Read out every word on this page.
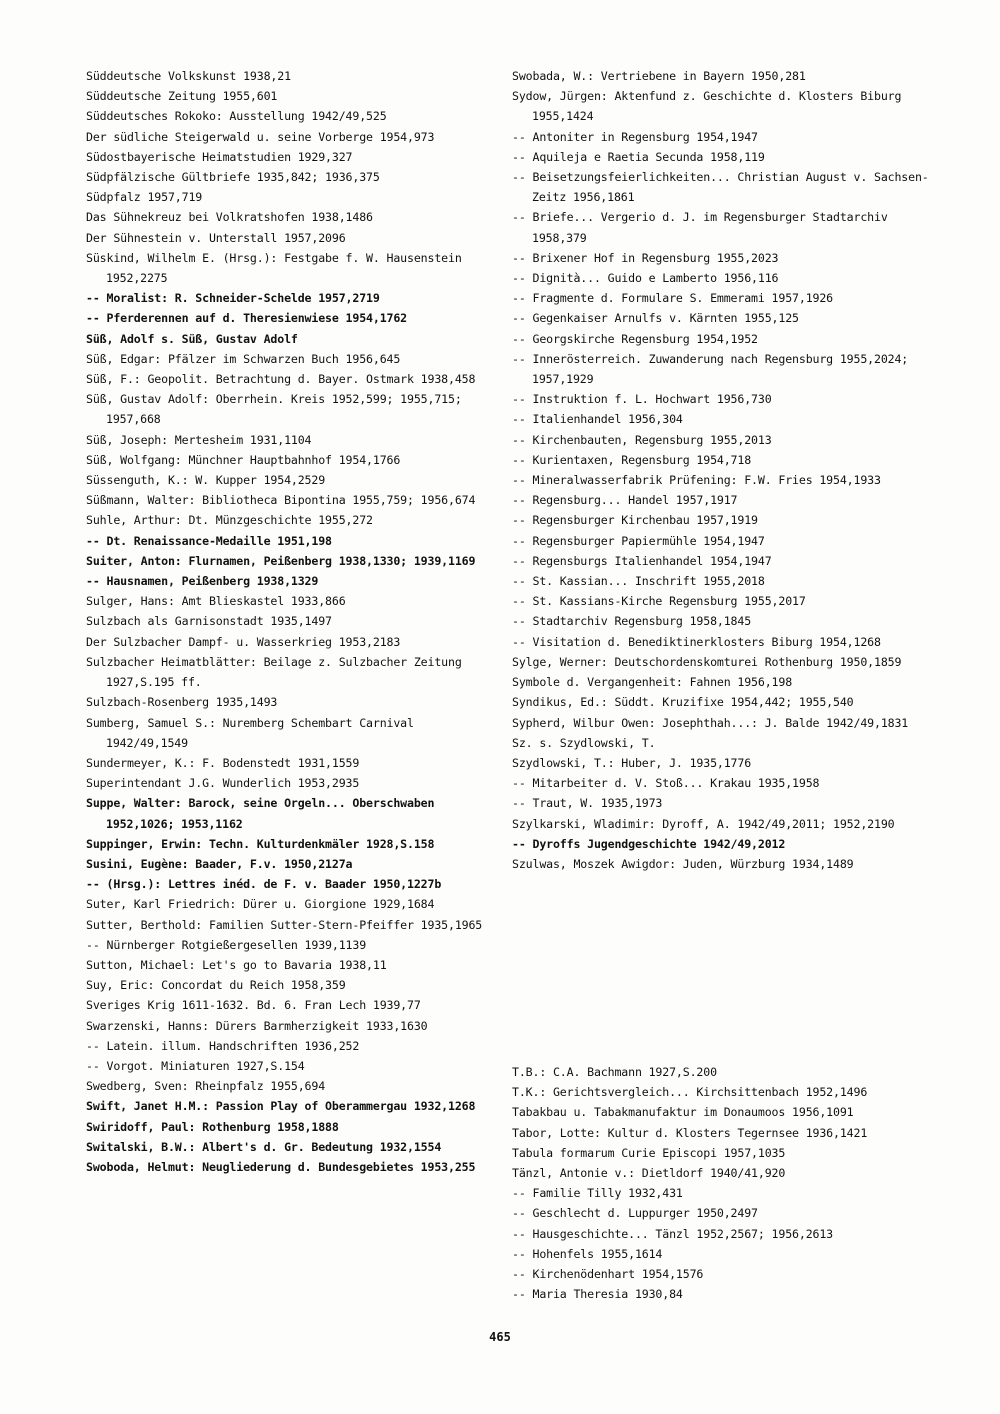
Süddeutsche Volkskunst 1938,21

Süddeutsche Zeitung 1955,601

Süddeutsches Rokoko: Ausstellung 1942/49,525

Der südliche Steigerwald u. seine Vorberge 1954,973

Südostbayerische Heimatstudien 1929,327

Südpfälzische Gültbriefe 1935,842; 1936,375

Südpfalz 1957,719

Das Sühnekreuz bei Volkratshofen 1938,1486

Der Sühnestein v. Unterstall 1957,2096

Süskind, Wilhelm E. (Hrsg.): Festgabe f. W. Hausenstein 1952,2275

-- Moralist: R. Schneider-Schelde 1957,2719

-- Pferderennen auf d. Theresienwiese 1954,1762

Süß, Adolf s. Süß, Gustav Adolf

Süß, Edgar: Pfälzer im Schwarzen Buch 1956,645

Süß, F.: Geopolit. Betrachtung d. Bayer. Ostmark 1938,458

Süß, Gustav Adolf: Oberrhein. Kreis 1952,599; 1955,715; 1957,668

Süß, Joseph: Mertesheim 1931,1104

Süß, Wolfgang: Münchner Hauptbahnhof 1954,1766

Süssenguth, K.: W. Kupper 1954,2529

Süßmann, Walter: Bibliotheca Bipontina 1955,759; 1956,674

Suhle, Arthur: Dt. Münzgeschichte 1955,272

-- Dt. Renaissance-Medaille 1951,198

Suiter, Anton: Flurnamen, Peißenberg 1938,1330; 1939,1169

-- Hausnamen, Peißenberg 1938,1329

Sulger, Hans: Amt Blieskastel 1933,866

Sulzbach als Garnisonstadt 1935,1497

Der Sulzbacher Dampf- u. Wasserkrieg 1953,2183

Sulzbacher Heimatblätter: Beilage z. Sulzbacher Zeitung 1927,S.195 ff.

Sulzbach-Rosenberg 1935,1493

Sumberg, Samuel S.: Nuremberg Schembart Carnival 1942/49,1549

Sundermeyer, K.: F. Bodenstedt 1931,1559

Superintendant J.G. Wunderlich 1953,2935

Suppe, Walter: Barock, seine Orgeln... Oberschwaben 1952,1026; 1953,1162

Suppinger, Erwin: Techn. Kulturdenkmäler 1928,S.158

Susini, Eugène: Baader, F.v. 1950,2127a

-- (Hrsg.): Lettres inéd. de F. v. Baader 1950,1227b

Suter, Karl Friedrich: Dürer u. Giorgione 1929,1684

Sutter, Berthold: Familien Sutter-Stern-Pfeiffer 1935,1965

-- Nürnberger Rotgießergesellen 1939,1139

Sutton, Michael: Let's go to Bavaria 1938,11

Suy, Eric: Concordat du Reich 1958,359

Sveriges Krig 1611-1632. Bd. 6. Fran Lech 1939,77

Swarzenski, Hanns: Dürers Barmherzigkeit 1933,1630

-- Latein. illum. Handschriften 1936,252

-- Vorgot. Miniaturen 1927,S.154

Swedberg, Sven: Rheinpfalz 1955,694

Swift, Janet H.M.: Passion Play of Oberammergau 1932,1268

Swiridoff, Paul: Rothenburg 1958,1888

Switalski, B.W.: Albert's d. Gr. Bedeutung 1932,1554

Swoboda, Helmut: Neugliederung d. Bundesgebietes 1953,255

Swobada, W.: Vertriebene in Bayern 1950,281

Sydow, Jürgen: Aktenfund z. Geschichte d. Klosters Biburg 1955,1424

-- Antoniter in Regensburg 1954,1947

-- Aquileja e Raetia Secunda 1958,119

-- Beisetzungsfeierlichkeiten... Christian August v. Sachsen-Zeitz 1956,1861

-- Briefe... Vergerio d. J. im Regensburger Stadtarchiv 1958,379

-- Brixener Hof in Regensburg 1955,2023

-- Dignità... Guido e Lamberto 1956,116

-- Fragmente d. Formulare S. Emmerami 1957,1926

-- Gegenkaiser Arnulfs v. Kärnten 1955,125

-- Georgskirche Regensburg 1954,1952

-- Innerösterreich. Zuwanderung nach Regensburg 1955,2024; 1957,1929

-- Instruktion f. L. Hochwart 1956,730

-- Italienhandel 1956,304

-- Kirchenbauten, Regensburg 1955,2013

-- Kurientaxen, Regensburg 1954,718

-- Mineralwasserfabrik Prüfening: F.W. Fries 1954,1933

-- Regensburg... Handel 1957,1917

-- Regensburger Kirchenbau 1957,1919

-- Regensburger Papiermühle 1954,1947

-- Regensburgs Italienhandel 1954,1947

-- St. Kassian... Inschrift 1955,2018

-- St. Kassians-Kirche Regensburg 1955,2017

-- Stadtarchiv Regensburg 1958,1845

-- Visitation d. Benediktinerklosters Biburg 1954,1268

Sylge, Werner: Deutschordenskomturei Rothenburg 1950,1859

Symbole d. Vergangenheit: Fahnen 1956,198

Syndikus, Ed.: Süddt. Kruzifixe 1954,442; 1955,540

Sypherd, Wilbur Owen: Josephthah...: J. Balde 1942/49,1831

Sz. s. Szydlowski, T.

Szydlowski, T.: Huber, J. 1935,1776

-- Mitarbeiter d. V. Stoß... Krakau 1935,1958

-- Traut, W. 1935,1973

Szylkarski, Wladimir: Dyroff, A. 1942/49,2011; 1952,2190

-- Dyroffs Jugendgeschichte 1942/49,2012

Szulwas, Moszek Awigdor: Juden, Würzburg 1934,1489

T.B.: C.A. Bachmann 1927,S.200

T.K.: Gerichtsvergleich... Kirchsittenbach 1952,1496

Tabakbau u. Tabakmanufaktur im Donaumoos 1956,1091

Tabor, Lotte: Kultur d. Klosters Tegernsee 1936,1421

Tabula formarum Curie Episcopi 1957,1035

Tänzl, Antonie v.: Dietldorf 1940/41,920

-- Familie Tilly 1932,431

-- Geschlecht d. Luppurger 1950,2497

-- Hausgeschichte... Tänzl 1952,2567; 1956,2613

-- Hohenfels 1955,1614

-- Kirchenödenhart 1954,1576

-- Maria Theresia 1930,84

465
